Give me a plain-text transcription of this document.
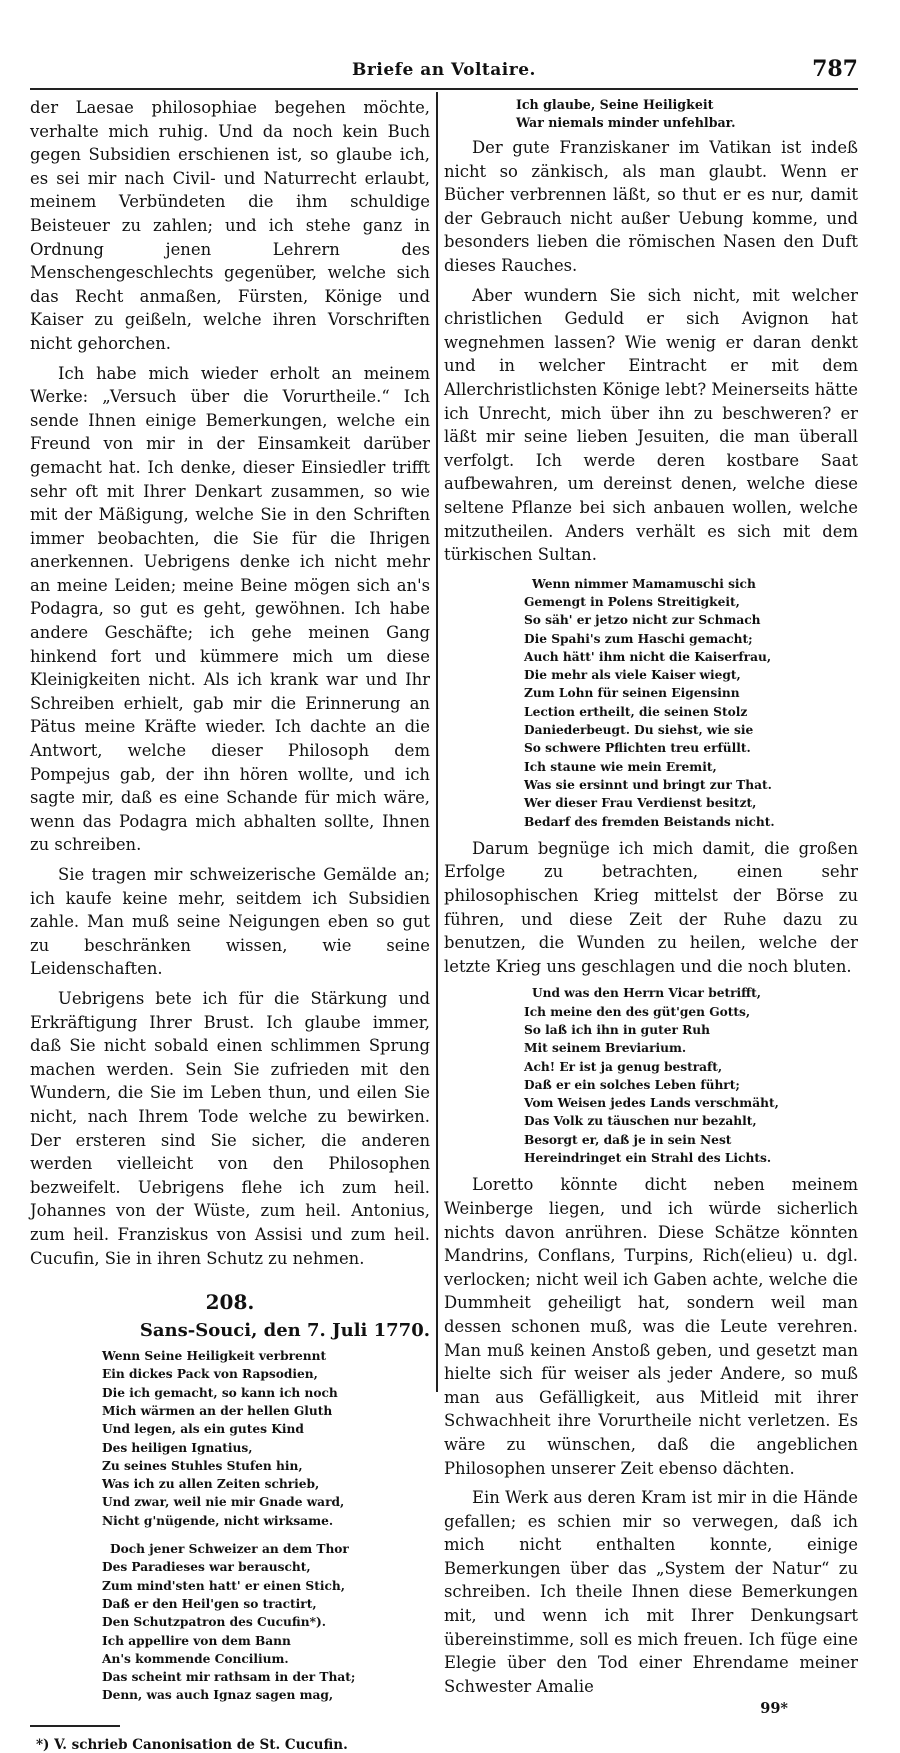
Briefe an Voltaire.	787

der Laesae philosophiae begehen möchte, verhalte mich ruhig. Und da noch kein Buch gegen Subsidien erschienen ist, so glaube ich, es sei mir nach Civil- und Naturrecht erlaubt, meinem Verbündeten die ihm schuldige Beisteuer zu zahlen; und ich stehe ganz in Ordnung jenen Lehrern des Menschengeschlechts gegenüber, welche sich das Recht anmaßen, Fürsten, Könige und Kaiser zu geißeln, welche ihren Vorschriften nicht gehorchen.

Ich habe mich wieder erholt an meinem Werke: „Versuch über die Vorurtheile.“ Ich sende Ihnen einige Bemerkungen, welche ein Freund von mir in der Einsamkeit darüber gemacht hat. Ich denke, dieser Einsiedler trifft sehr oft mit Ihrer Denkart zusammen, so wie mit der Mäßigung, welche Sie in den Schriften immer beobachten, die Sie für die Ihrigen anerkennen. Uebrigens denke ich nicht mehr an meine Leiden; meine Beine mögen sich an's Podagra, so gut es geht, gewöhnen. Ich habe andere Geschäfte; ich gehe meinen Gang hinkend fort und kümmere mich um diese Kleinigkeiten nicht. Als ich krank war und Ihr Schreiben erhielt, gab mir die Erinnerung an Pätus meine Kräfte wieder. Ich dachte an die Antwort, welche dieser Philosoph dem Pompejus gab, der ihn hören wollte, und ich sagte mir, daß es eine Schande für mich wäre, wenn das Podagra mich abhalten sollte, Ihnen zu schreiben.

Sie tragen mir schweizerische Gemälde an; ich kaufe keine mehr, seitdem ich Subsidien zahle. Man muß seine Neigungen eben so gut zu beschränken wissen, wie seine Leidenschaften.

Uebrigens bete ich für die Stärkung und Erkräftigung Ihrer Brust. Ich glaube immer, daß Sie nicht sobald einen schlimmen Sprung machen werden. Sein Sie zufrieden mit den Wundern, die Sie im Leben thun, und eilen Sie nicht, nach Ihrem Tode welche zu bewirken. Der ersteren sind Sie sicher, die anderen werden vielleicht von den Philosophen bezweifelt. Uebrigens flehe ich zum heil. Johannes von der Wüste, zum heil. Antonius, zum heil. Franziskus von Assisi und zum heil. Cucufin, Sie in ihren Schutz zu nehmen.

208.
Sans-Souci, den 7. Juli 1770.
Wenn Seine Heiligkeit verbrennt
Ein dickes Pack von Rapsodien,
Die ich gemacht, so kann ich noch
Mich wärmen an der hellen Gluth
Und legen, als ein gutes Kind
Des heiligen Ignatius,
Zu seines Stuhles Stufen hin,
Was ich zu allen Zeiten schrieb,
Und zwar, weil nie mir Gnade ward,
Nicht g'nügende, nicht wirksame.
Doch jener Schweizer an dem Thor
Des Paradieses war berauscht,
Zum mind'sten hatt' er einen Stich,
Daß er den Heil'gen so tractirt,
Den Schutzpatron des Cucufin*).
Ich appellire von dem Bann
An's kommende Concilium.
Das scheint mir rathsam in der That;
Denn, was auch Ignaz sagen mag,
*) V. schrieb Canonisation de St. Cucufin.
Ich glaube, Seine Heiligkeit
War niemals minder unfehlbar.

Der gute Franziskaner im Vatikan ist indeß nicht so zänkisch, als man glaubt. Wenn er Bücher verbrennen läßt, so thut er es nur, damit der Gebrauch nicht außer Uebung komme, und besonders lieben die römischen Nasen den Duft dieses Rauches.

Aber wundern Sie sich nicht, mit welcher christlichen Geduld er sich Avignon hat wegnehmen lassen? Wie wenig er daran denkt und in welcher Eintracht er mit dem Allerchristlichsten Könige lebt? Meinerseits hätte ich Unrecht, mich über ihn zu beschweren? er läßt mir seine lieben Jesuiten, die man überall verfolgt. Ich werde deren kostbare Saat aufbewahren, um dereinst denen, welche diese seltene Pflanze bei sich anbauen wollen, welche mitzutheilen. Anders verhält es sich mit dem türkischen Sultan.

Wenn nimmer Mamamuschi sich
Gemengt in Polens Streitigkeit,
So säh' er jetzo nicht zur Schmach
Die Spahi's zum Haschi gemacht;
Auch hätt' ihm nicht die Kaiserfrau,
Die mehr als viele Kaiser wiegt,
Zum Lohn für seinen Eigensinn
Lection ertheilt, die seinen Stolz
Daniederbeugt. Du siehst, wie sie
So schwere Pflichten treu erfüllt.
Ich staune wie mein Eremit,
Was sie ersinnt und bringt zur That.
Wer dieser Frau Verdienst besitzt,
Bedarf des fremden Beistands nicht.

Darum begnüge ich mich damit, die großen Erfolge zu betrachten, einen sehr philosophischen Krieg mittelst der Börse zu führen, und diese Zeit der Ruhe dazu zu benutzen, die Wunden zu heilen, welche der letzte Krieg uns geschlagen und die noch bluten.

Und was den Herrn Vicar betrifft,
Ich meine den des güt'gen Gotts,
So laß ich ihn in guter Ruh
Mit seinem Breviarium.
Ach! Er ist ja genug bestraft,
Daß er ein solches Leben führt;
Vom Weisen jedes Lands verschmäht,
Das Volk zu täuschen nur bezahlt,
Besorgt er, daß je in sein Nest
Hereindringet ein Strahl des Lichts.

Loretto könnte dicht neben meinem Weinberge liegen, und ich würde sicherlich nichts davon anrühren. Diese Schätze könnten Mandrins, Conflans, Turpins, Rich(elieu) u. dgl. verlocken; nicht weil ich Gaben achte, welche die Dummheit geheiligt hat, sondern weil man dessen schonen muß, was die Leute verehren. Man muß keinen Anstoß geben, und gesetzt man hielte sich für weiser als jeder Andere, so muß man aus Gefälligkeit, aus Mitleid mit ihrer Schwachheit ihre Vorurtheile nicht verletzen. Es wäre zu wünschen, daß die angeblichen Philosophen unserer Zeit ebenso dächten.

Ein Werk aus deren Kram ist mir in die Hände gefallen; es schien mir so verwegen, daß ich mich nicht enthalten konnte, einige Bemerkungen über das „System der Natur“ zu schreiben. Ich theile Ihnen diese Bemerkungen mit, und wenn ich mit Ihrer Denkungsart übereinstimme, soll es mich freuen. Ich füge eine Elegie über den Tod einer Ehrendame meiner Schwester Amalie

99*
